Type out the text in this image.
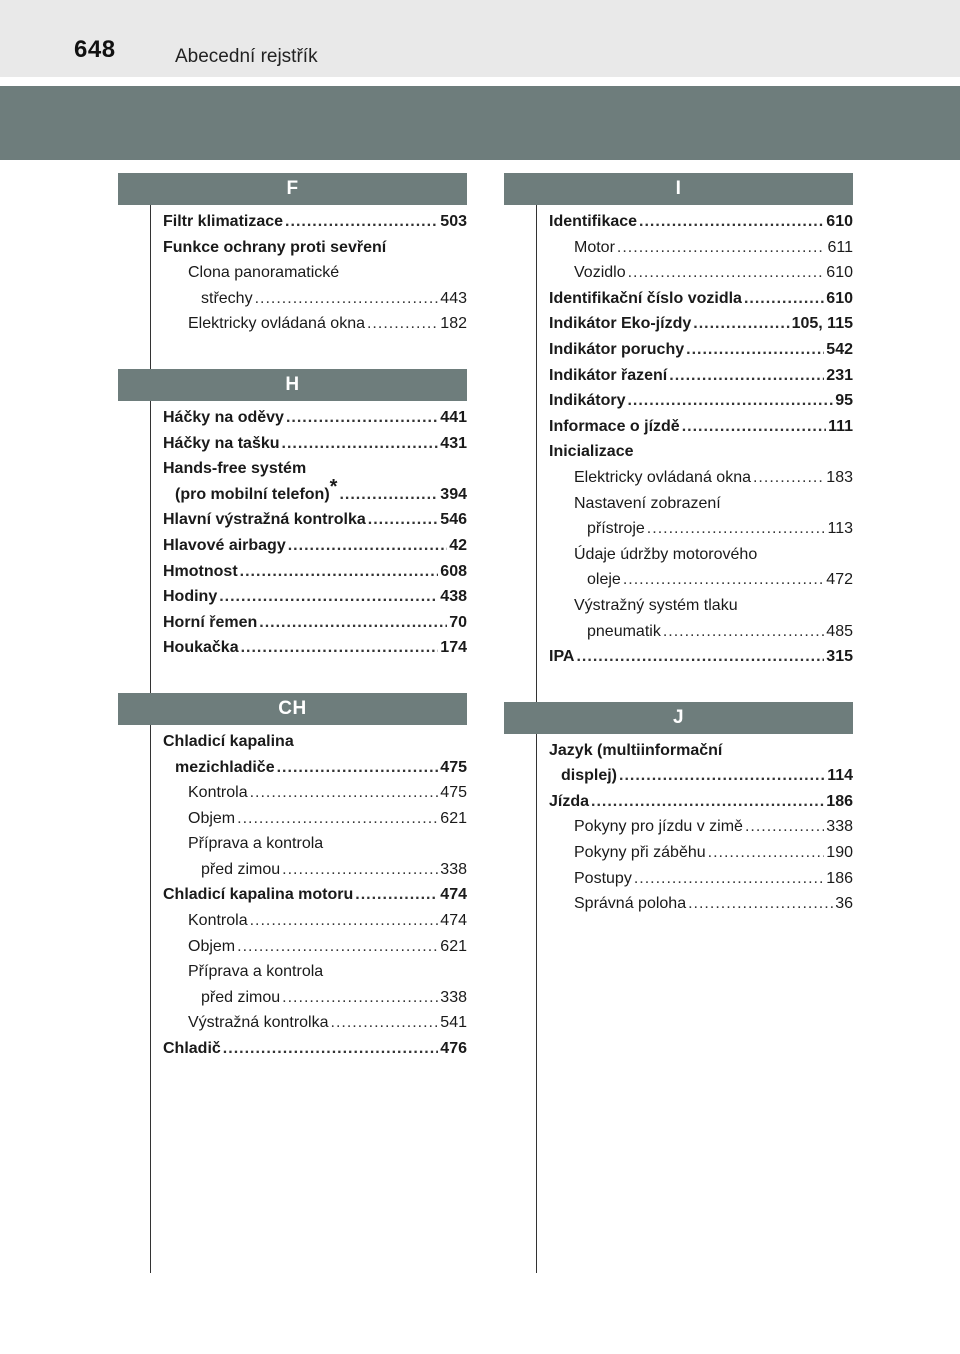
648	Abecední rejstřík
F
Filtr klimatizace .....	503
Funkce ochrany proti sevření
Clona panoramatické
střechy .....	443
Elektricky ovládaná okna .....	182
H
Háčky na oděvy .....	441
Háčky na tašku .....	431
Hands-free systém
(pro mobilní telefon)* .....	394
Hlavní výstražná kontrolka .....	546
Hlavové airbagy .....	42
Hmotnost .....	608
Hodiny .....	438
Horní řemen .....	70
Houkačka .....	174
CH
Chladicí kapalina
mezichladiče .....	475
Kontrola .....	475
Objem .....	621
Příprava a kontrola
před zimou .....	338
Chladicí kapalina motoru .....	474
Kontrola .....	474
Objem .....	621
Příprava a kontrola
před zimou .....	338
Výstražná kontrolka .....	541
Chladič .....	476
I
Identifikace .....	610
Motor .....	611
Vozidlo .....	610
Identifikační číslo vozidla .....	610
Indikátor Eko-jízdy .....	105, 115
Indikátor poruchy .....	542
Indikátor řazení .....	231
Indikátory .....	95
Informace o jízdě .....	111
Inicializace
Elektricky ovládaná okna .....	183
Nastavení zobrazení
přístroje .....	113
Údaje údržby motorového
oleje .....	472
Výstražný systém tlaku
pneumatik .....	485
IPA .....	315
J
Jazyk (multiinformační
displej) .....	114
Jízda .....	186
Pokyny pro jízdu v zimě .....	338
Pokyny při záběhu .....	190
Postupy .....	186
Správná poloha .....	36
